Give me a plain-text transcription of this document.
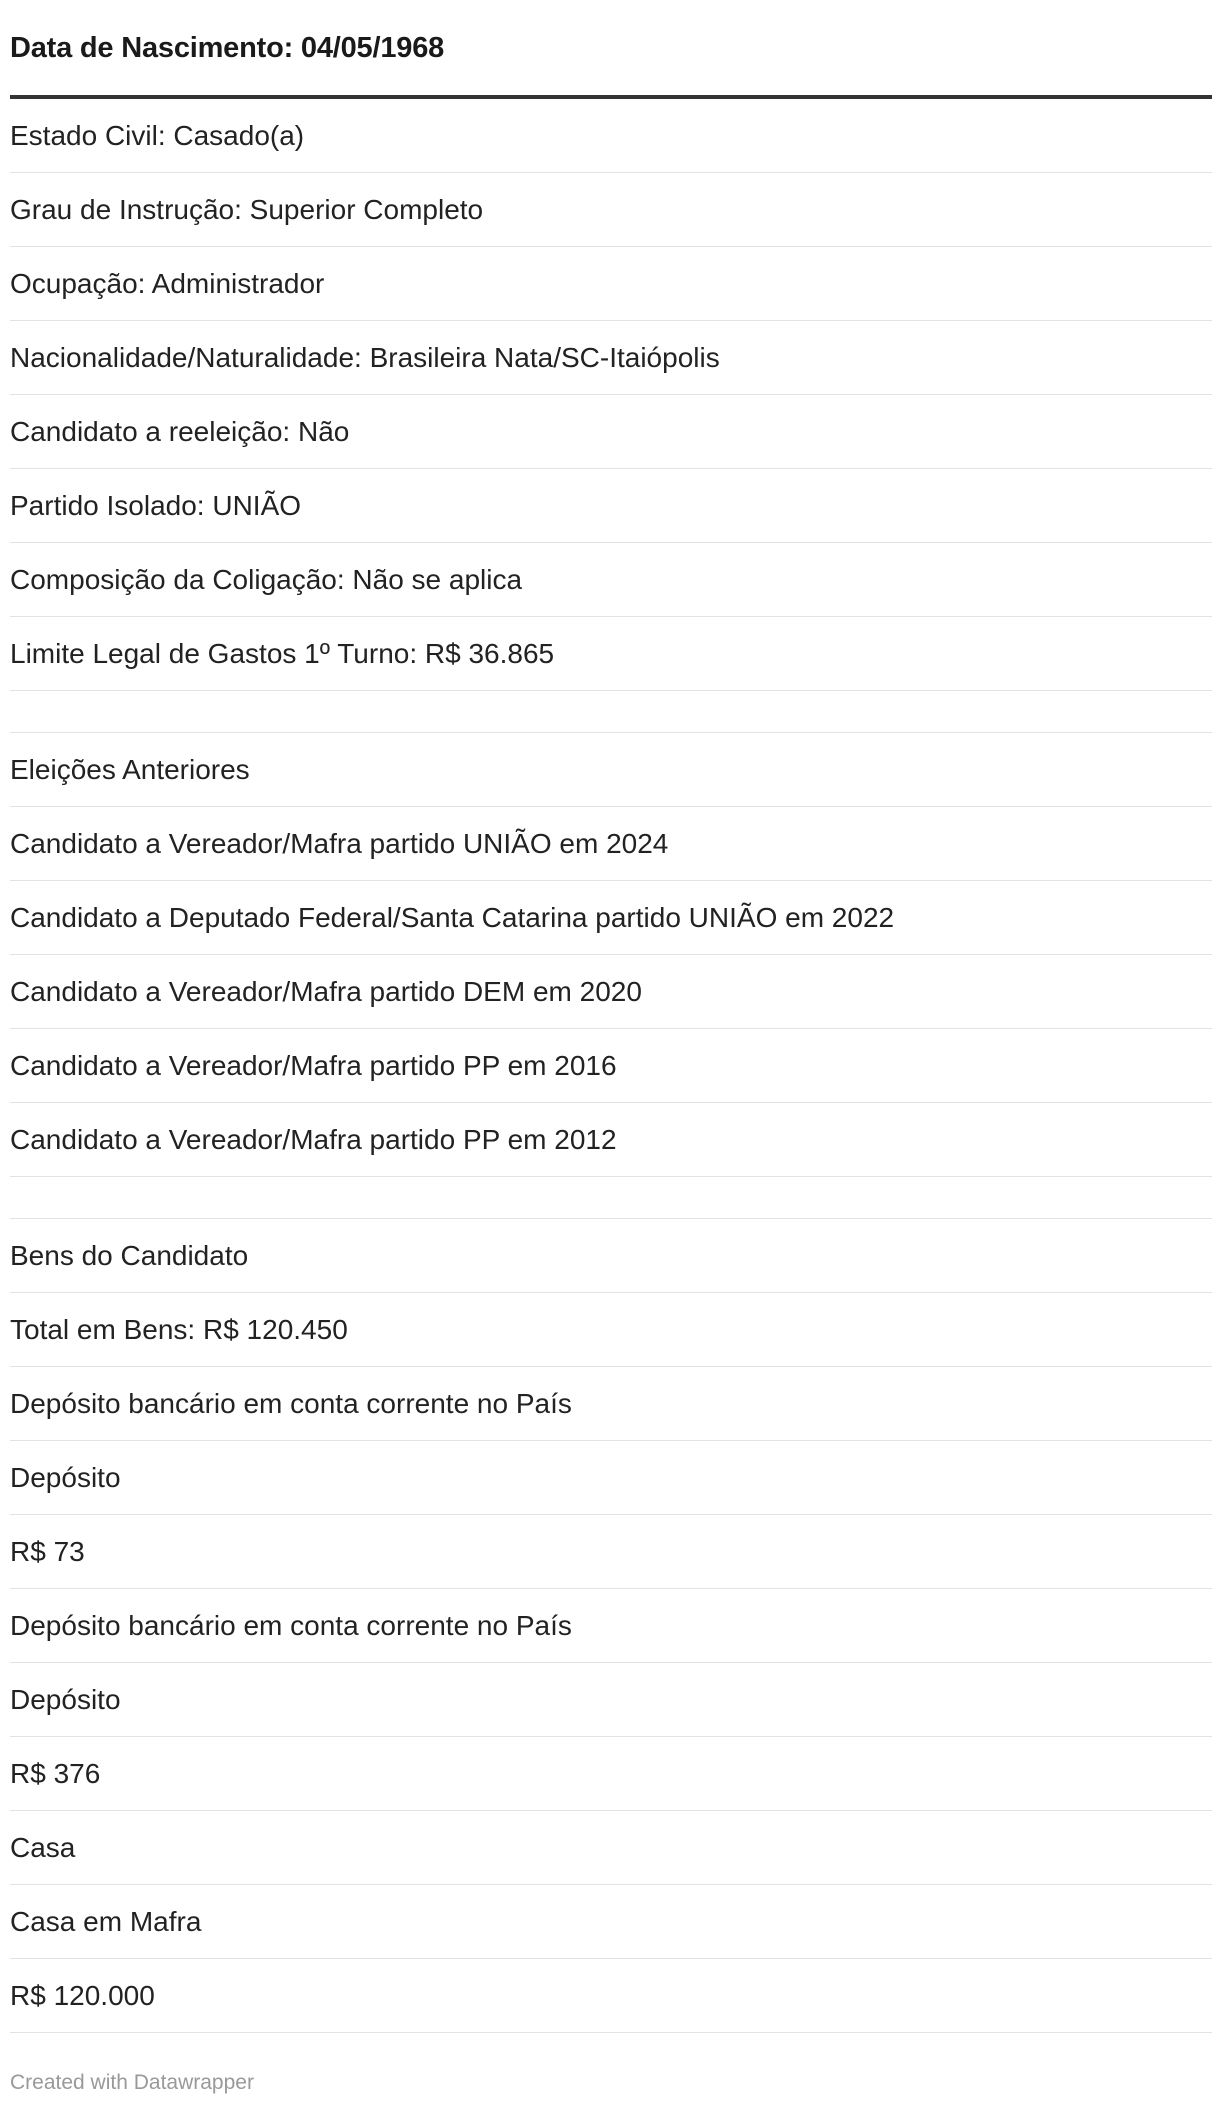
Data de Nascimento: 04/05/1968
Estado Civil: Casado(a)
Grau de Instrução: Superior Completo
Ocupação: Administrador
Nacionalidade/Naturalidade: Brasileira Nata/SC-Itaiópolis
Candidato a reeleição: Não
Partido Isolado: UNIÃO
Composição da Coligação: Não se aplica
Limite Legal de Gastos 1º Turno: R$ 36.865
Eleições Anteriores
Candidato a Vereador/Mafra partido UNIÃO em 2024
Candidato a Deputado Federal/Santa Catarina partido UNIÃO em 2022
Candidato a Vereador/Mafra partido DEM em 2020
Candidato a Vereador/Mafra partido PP em 2016
Candidato a Vereador/Mafra partido PP em 2012
Bens do Candidato
Total em Bens: R$ 120.450
Depósito bancário em conta corrente no País
Depósito
R$ 73
Depósito bancário em conta corrente no País
Depósito
R$ 376
Casa
Casa em Mafra
R$ 120.000
Created with Datawrapper
